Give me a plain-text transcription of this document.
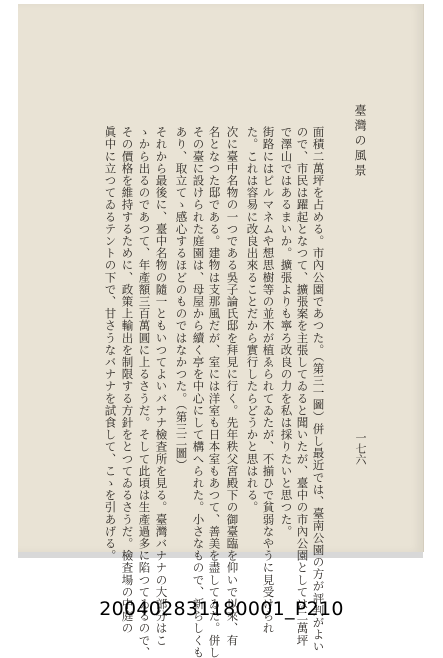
臺灣の風景
一七六
面積二萬坪を占める。市內公園であつた。（第三一圖）併し最近では、臺南公園の方が評判がよい
ので、市民は躍起となつて、擴張案を主張してゐると聞いたが、臺中の市內公園としては二萬坪
で澤山ではあるまいか。擴張よりも寧ろ改良の力を私は採りたいと思つた。
街路にはピルマネムや想思樹等の並木が植ゑられてゐたが、不揃ひで貧弱なやうに見受けられ
た。これは容易に改良出來ることだから實行したらどうかと思はれる。
次に臺中名物の一つである吳子論氏邸を拜見に行く。先年秩父宮殿下の御臺臨を仰いで以來、有
名となつた邸である。建物は支那風だが、室には洋室も日本室もあつて、善美を盡してゐた。併し
その臺に設けられた庭園は、母屋から續く亭を中心にして構へられた。小さなもので、新らしくも
あり、取立てゝ感心するほどのものではなかつた。（第三二圖）
それから最後に、臺中名物の隨一ともいつてよいバナナ檢査所を見る。臺灣バナナの大部分はこ
ゝから出るのであつて、年產額三百萬圓に上るさうだ。そして此頃は生產過多に陷つてゐるので、
その價格を維持するために、政策上輸出を制限する方針をとつてゐるさうだ。檢査場の中庭の
眞中に立つてゐるテントの下で、甘さうなバナナを試食して、こゝを引あげる。
200402831180001_P210
